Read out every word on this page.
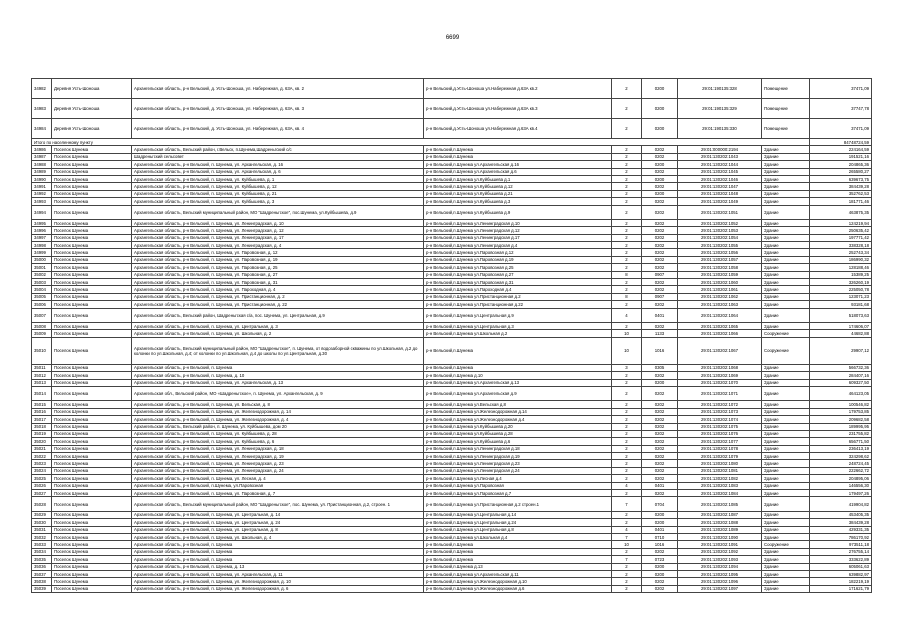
6699
34982	Деревня Усть-Шоноша	Архангельская область, р-н Вельский, д. Усть-Шоноша, ул. Набережная, д. 63А, кв. 2	р-н Вельский,д.Усть-Шоноша ул.Набережная д.63А кв.2	2	0200	29:01:190135:328	Помещение	37471,09
34983	Деревня Усть-Шоноша	Архангельская область, р-н Вельский, д. Усть-Шоноша, ул. Набережная, д. 63А, кв. 3	р-н Вельский,д.Усть-Шоноша ул.Набережная д.63А кв.3	2	0200	29:01:190135:329	Помещение	37747,78
34984	Деревня Усть-Шоноша	Архангельская область, р-н Вельский, д. Усть-Шоноша, ул. Набережная, д. 63А, кв. 4	р-н Вельский,д.Усть-Шоноша ул.Набережная д.63А кв.4	2	0200	29:01:190135:330	Помещение	37471,09
Итого по населенному пункту								84748724,59
34986	Поселок Шунема	Архангельская область, Вельский район, г.Вельск, п.Шунема,Шадреньгский с/с	р-н Вельский,п.Шунема	2	0202	29:01:000000:2194	Здание	224164,59
34987	Поселок Шунема	Шадреньгский сельсовет	р-н Вельский,п.Шунема	2	0202	29:01:130202:1043	Здание	191521,16
34988	Поселок Шунема	Архангельская область, р-н Вельский, п. Шунема, ул. Архангельская, д. 16	р-н Вельский,п.Шунема ул.Архангельская д.16	2	0200	29:01:130202:1044	Здание	204865,36
34989	Поселок Шунема	Архангельская область, р-н Вельский, п. Шунема, ул. Архангельская, д. 6	р-н Вельский,п.Шунема ул.Архангельская д.6	2	0202	29:01:130202:1045	Здание	265580,27
34990	Поселок Шунема	Архангельская область, р-н Вельский, п. Шунема, ул. Куйбышева, д. 1	р-н Вельский,п.Шунема ул.Куйбышева д.1	2	0200	29:01:130202:1046	Здание	639673,75
34991	Поселок Шунема	Архангельская область, р-н Вельский, п. Шунема, ул. Куйбышева, д. 12	р-н Вельский,п.Шунема ул.Куйбышева д.12	2	0202	29:01:130202:1047	Здание	384439,28
34992	Поселок Шунема	Архангельская область, р-н Вельский, п. Шунема, ул. Куйбышева, д. 21	р-н Вельский,п.Шунема ул.Куйбышева д.21	2	0200	29:01:130202:1048	Здание	352762,53
34993	Поселок Шунема	Архангельская область, р-н Вельский, п. Шунема, ул. Куйбышева, д. 3	р-н Вельский,п.Шунема ул.Куйбышева д.3	2	0202	29:01:130202:1049	Здание	181771,46
34994	Поселок Шунема	Архангельская область, Вельский муниципальный район, МО "Шадреньгское", пос.Шунема, ул.Куйбышева, д.9	р-н Вельский,п.Шунема ул.Куйбышева д.9	2	0202	29:01:130202:1051	Здание	463875,35
34995	Поселок Шунема	Архангельская область, р-н Вельский, п. Шунема, ул. Ленинградская, д. 10	р-н Вельский,п.Шунема ул.Ленинградская д.10	2	0202	29:01:130202:1052	Здание	124219,94
34996	Поселок Шунема	Архангельская область, р-н Вельский, п. Шунема, ул. Ленинградская, д. 12	р-н Вельский,п.Шунема ул.Ленинградская д.12	2	0202	29:01:130202:1053	Здание	250635,42
34997	Поселок Шунема	Архангельская область, р-н Вельский, п. Шунема, ул. Ленинградская, д. 17	р-н Вельский,п.Шунема ул.Ленинградская д.17	2	0202	29:01:130202:1054	Здание	197771,42
34998	Поселок Шунема	Архангельская область, р-н Вельский, п. Шунема, ул. Ленинградская, д. 4	р-н Вельский,п.Шунема ул.Ленинградская д.4	2	0202	29:01:130202:1055	Здание	338328,18
34999	Поселок Шунема	Архангельская область, р-н Вельский, п. Шунема, ул. Паровозная, д. 12	р-н Вельский,п.Шунема ул.Паровозная д.12	2	0202	29:01:130202:1056	Здание	252743,34
35000	Поселок Шунема	Архангельская область, р-н Вельский, п. Шунема, ул. Паровозная, д. 19	р-н Вельский,п.Шунема ул.Паровозная д.19	2	0202	29:01:130202:1057	Здание	186990,32
35001	Поселок Шунема	Архангельская область, р-н Вельский, п. Шунема, ул. Паровозная, д. 25	р-н Вельский,п.Шунема ул.Паровозная д.25	2	0202	29:01:130202:1058	Здание	128188,46
35002	Поселок Шунема	Архангельская область, р-н Вельский, п. Шунема, ул. Паровозная, д. 27	р-н Вельский,п.Шунема ул.Паровозная д.27	8	0907	29:01:130202:1059	Здание	15389,25
35003	Поселок Шунема	Архангельская область, р-н Вельский, п. Шунема, ул. Паровозная, д. 31	р-н Вельский,п.Шунема ул.Паровозная д.31	2	0202	29:01:130202:1060	Здание	326260,19
35004	Поселок Шунема	Архангельская область, р-н Вельский, п. Шунема, ул. Пароходная, д. 4	р-н Вельский,п.Шунема ул.Пароходная д.4	2	0202	29:01:130202:1061	Здание	225050,78
35005	Поселок Шунема	Архангельская область, р-н Вельский, п. Шунема, ул. Пристанционная, д. 2	р-н Вельский,п.Шунема ул.Пристанционная д.2	8	0907	29:01:130202:1062	Здание	123071,23
35006	Поселок Шунема	Архангельская область, р-н Вельский, п. Шунема, ул. Пристанционная, д. 22	р-н Вельский,п.Шунема ул.Пристанционная д.22	2	0202	29:01:130202:1063	Здание	93181,68
35007	Поселок Шунема	Архангельская область, Вельский район, Шадреньгская с/а, пос. Шунема, ул. Центральная, д.9	р-н Вельский,п.Шунема ул.Центральная д.9	4	0401	29:01:130202:1064	Здание	518073,63
35008	Поселок Шунема	Архангельская область, р-н Вельский, п. Шунема, ул. Центральная, д. 3	р-н Вельский,п.Шунема ул.Центральная д.3	2	0202	29:01:130202:1065	Здание	174606,07
35009	Поселок Шунема	Архангельская область, р-н Вельский, п. Шунема, ул. Школьная, д. 2	р-н Вельский,п.Шунема ул.Школьная д.2	10	1133	29:01:130202:1066	Сооружение	44682,88
35010	Поселок Шунема	Архангельская область, Вельский муниципальный район, МО "Шадреньгское", п. Шунема, от водозаборной скважины по ул.Школьная, д.2 до колонки по ул.Школьная, д.4; от колонки по ул.Школьная, д.4 до школы по ул.Центральная, д.30	р-н Вельский,п.Шунема	10	1016	29:01:130202:1067	Сооружение	29907,12
35011	Поселок Шунема	Архангельская область, р-н Вельский, п. Шунема	р-н Вельский,п.Шунема	3	0305	29:01:130202:1068	Здание	566732,36
35012	Поселок Шунема	Архангельская область, р-н Вельский, п. Шунема, д. 10	р-н Вельский,п.Шунема д.10	2	0202	29:01:130202:1069	Здание	284407,16
35013	Поселок Шунема	Архангельская область, р-н Вельский, п. Шунема, ул. Архангельская, д. 13	р-н Вельский,п.Шунема ул.Архангельская д.13	2	0200	29:01:130202:1070	Здание	609327,50
35014	Поселок Шунема	Архангельская обл., Вельский район, МО «Шадреньгское», п. Шунема, ул. Архангельская, д. 9	р-н Вельский,п.Шунема ул.Архангельская д.9	2	0202	29:01:130202:1071	Здание	464123,05
35015	Поселок Шунема	Архангельская область, р-н Вельский, п. Шунема, ул. Вельская, д. 8	р-н Вельский,п.Шунема ул.Вельская д.8	2	0202	29:01:130202:1072	Здание	100546,82
35016	Поселок Шунема	Архангельская область, р-н Вельский, п. Шунема, ул. Железнодорожная, д. 14	р-н Вельский,п.Шунема ул.Железнодорожная д.14	2	0202	29:01:130202:1073	Здание	179753,85
35017	Поселок Шунема	Архангельская область, р-н Вельский, п. Шунема, ул. Железнодорожная, д. 4	р-н Вельский,п.Шунема ул.Железнодорожная д.4	2	0202	29:01:130202:1074	Здание	209682,58
35018	Поселок Шунема	Архангельская область, Вельский район, п. Шунема, ул. Куйбышева, дом 20	р-н Вельский,п.Шунема ул.Куйбышева д.20	2	0202	29:01:130202:1075	Здание	189995,95
35019	Поселок Шунема	Архангельская область, р-н Вельский, п. Шунема, ул. Куйбышева, д. 28	р-н Вельский,п.Шунема ул.Куйбышева д.28	2	0202	29:01:130202:1076	Здание	231755,82
35020	Поселок Шунема	Архангельская область, р-н Вельский, п. Шунема, ул. Куйбышева, д. 6	р-н Вельский,п.Шунема ул.Куйбышева д.6	2	0202	29:01:130202:1077	Здание	656771,50
35021	Поселок Шунема	Архангельская область, р-н Вельский, п. Шунема, ул. Ленинградская, д. 18	р-н Вельский,п.Шунема ул.Ленинградская д.18	2	0202	29:01:130202:1078	Здание	236413,19
35022	Поселок Шунема	Архангельская область, р-н Вельский, п. Шунема, ул. Ленинградская, д. 19	р-н Вельский,п.Шунема ул.Ленинградская д.19	2	0202	29:01:130202:1079	Здание	324298,62
35023	Поселок Шунема	Архангельская область, р-н Вельский, п. Шунема, ул. Ленинградская, д. 23	р-н Вельский,п.Шунема ул.Ленинградская д.23	2	0202	29:01:130202:1080	Здание	248724,45
35024	Поселок Шунема	Архангельская область, р-н Вельский, п. Шунема, ул. Ленинградская, д. 24	р-н Вельский,п.Шунема ул.Ленинградская д.24	2	0202	29:01:130202:1081	Здание	222662,72
35025	Поселок Шунема	Архангельская область, р-н Вельский, п. Шунема, ул. Лесная, д. 4	р-н Вельский,п.Шунема ул.Лесная д.4	2	0202	29:01:130202:1082	Здание	204895,06
35026	Поселок Шунема	Архангельская область, р-н Вельский, п.Шунема, ул.Паровозная	р-н Вельский,п.Шунема ул.Паровозная	4	0401	29:01:130202:1083	Здание	146556,30
35027	Поселок Шунема	Архангельская область, р-н Вельский, п. Шунема, ул. Паровозная, д. 7	р-н Вельский,п.Шунема ул.Паровозная д.7	2	0202	29:01:130202:1084	Здание	179497,26
35028	Поселок Шунема	Архангельская область, Вельский муниципальный район, МО "Шадреньгское", пос. Шунема, ул. Пристанционная, д.2, строен. 1	р-н Вельский,п.Шунема ул.Пристанционная д.2 строен.1	7	0704	29:01:130202:1085	Здание	419904,82
35029	Поселок Шунема	Архангельская область, р-н Вельский, п. Шунема, ул. Центральная, д. 14	р-н Вельский,п.Шунема ул.Центральная д.14	2	0200	29:01:130202:1087	Здание	453405,35
35030	Поселок Шунема	Архангельская область, р-н Вельский, п. Шунема, ул. Центральная, д. 24	р-н Вельский,п.Шунема ул.Центральная д.24	2	0200	29:01:130202:1088	Здание	384439,28
35031	Поселок Шунема	Архангельская область, р-н Вельский, п. Шунема, ул. Центральная, д. 8	р-н Вельский,п.Шунема ул.Центральная д.8	4	0401	29:01:130202:1089	Здание	429331,35
35032	Поселок Шунема	Архангельская область, р-н Вельский, п. Шунема, ул. Школьная, д. 4	р-н Вельский,п.Шунема ул.Школьная д.4	7	0710	29:01:130202:1090	Здание	786170,92
35033	Поселок Шунема	Архангельская область, р-н Вельский, п. Шунема	р-н Вельский,п.Шунема	10	1016	29:01:130202:1091	Сооружение	973511,18
35034	Поселок Шунема	Архангельская область, р-н Вельский, п. Шунема	р-н Вельский,п.Шунема	2	0202	29:01:130202:1092	Здание	276755,14
35035	Поселок Шунема	Архангельская область, р-н Вельский, п. Шунема	р-н Вельский,п.Шунема	7	0723	29:01:130202:1093	Здание	333622,89
35036	Поселок Шунема	Архангельская область, р-н Вельский, п. Шунема, д. 13	р-н Вельский,п.Шунема д.13	2	0200	29:01:130202:1094	Здание	605061,63
35037	Поселок Шунема	Архангельская область, р-н Вельский, п. Шунема, ул. Архангельская, д. 11	р-н Вельский,п.Шунема ул.Архангельская д.11	2	0200	29:01:130202:1095	Здание	639882,97
35038	Поселок Шунема	Архангельская область, р-н Вельский, п. Шунема, ул. Железнодорожная, д. 10	р-н Вельский,п.Шунема ул.Железнодорожная д.10	2	0202	29:01:130202:1096	Здание	182219,19
35039	Поселок Шунема	Архангельская область, р-н Вельский, п. Шунема, ул. Железнодорожная, д. 6	р-н Вельский,п.Шунема ул.Железнодорожная д.6	2	0202	29:01:130202:1097	Здание	171621,79
